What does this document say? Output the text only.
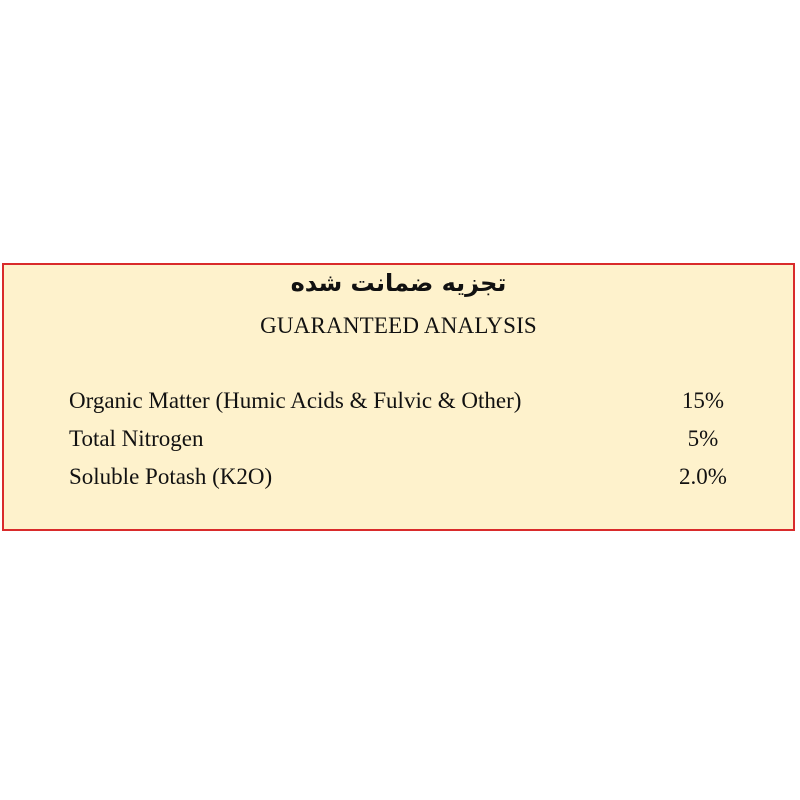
تجزیه ضمانت شده
GUARANTEED ANALYSIS
Organic Matter (Humic Acids & Fulvic & Other)	15%
Total Nitrogen	5%
Soluble Potash (K2O)	2.0%
